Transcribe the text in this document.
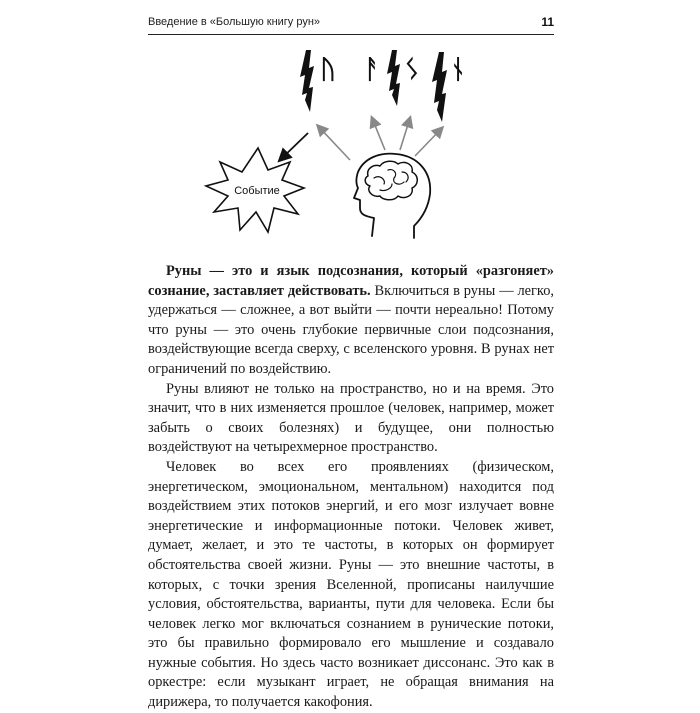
Введение в «Большую книгу рун»	11
ᚢ ᚨ ᛊ ᚾ
Событие

Руны — это и язык подсознания, который «разгоняет» сознание, заставляет действовать. Включиться в руны — легко, удержаться — сложнее, а вот выйти — почти нереально! Потому что руны — это очень глубокие первичные слои подсознания, воздействующие всегда сверху, с вселенского уровня. В рунах нет ограничений по воздействию.

Руны влияют не только на пространство, но и на время. Это значит, что в них изменяется прошлое (человек, например, может забыть о своих болезнях) и будущее, они полностью воздействуют на четырехмерное пространство.

Человек во всех его проявлениях (физическом, энергетическом, эмоциональном, ментальном) находится под воздействием этих потоков энергий, и его мозг излучает вовне энергетические и информационные потоки. Человек живет, думает, желает, и это те частоты, в которых он формирует обстоятельства своей жизни. Руны — это внешние частоты, в которых, с точки зрения Вселенной, прописаны наилучшие условия, обстоятельства, варианты, пути для человека. Если бы человек легко мог включаться сознанием в рунические потоки, это бы правильно формировало его мышление и создавало нужные события. Но здесь часто возникает диссонанс. Это как в оркестре: если музыкант играет, не обращая внимания на дирижера, то получается какофония.
